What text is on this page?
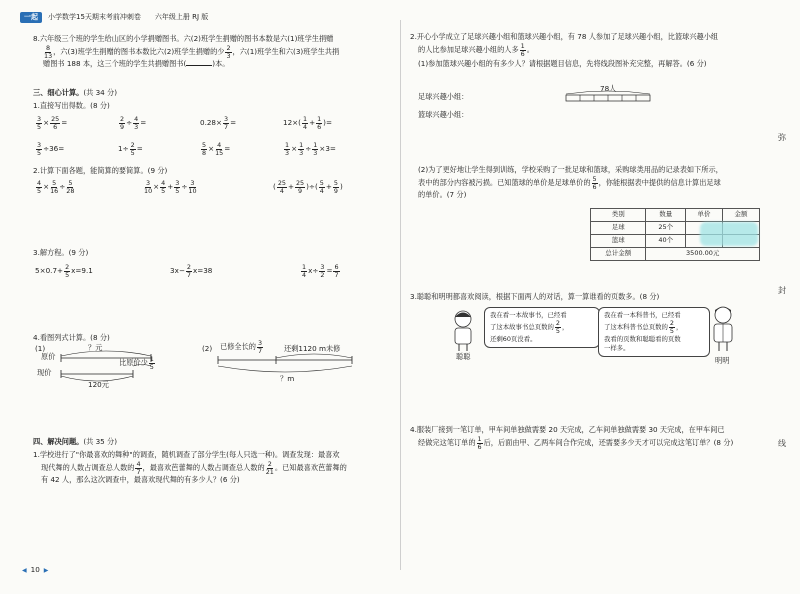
一起	小学数学15天期末考前冲刺卷 六年级上册 RJ 版
8.六年级三个班的学生给山区的小学捐赠图书。六(2)班学生捐赠的图书本数是六(1)班学生捐赠
$\frac{8}{13}$ ，六(3)班学生捐赠的图书本数比六(2)班学生捐赠的少 $\frac{2}{3}$ ，六(1)班学生和六(3)班学生共捐
赠图书 188 本，这三个班的学生共捐赠图书(	)本。
三、细心计算。(共 34 分)
1.直接写出得数。(8 分)
$\frac{3}{5} \times \frac{25}{6}$ =	$\frac{2}{9} \div \frac{4}{3}$ =	$0.28\times \frac{3}{7}$ =	$12\times( \frac{1}{4} + \frac{1}{6}$ )=
$\frac{3}{5} \div 36$ =	$1\div \frac{2}{5}$ =	$\frac{5}{8} \times \frac{4}{15}$ =	$\frac{1}{3} \times \frac{1}{3} \div \frac{1}{3} \times 3$ =
2.计算下面各题，能简算的要简算。(9 分)
$\frac{4}{5} \times \frac{5}{16} \div \frac{5}{28}$	$\frac{3}{10} \times \frac{4}{5} + \frac{3}{5} \div \frac{3}{10}$	( $\frac{25}{4} + \frac{25}{9}$ )÷( $\frac{5}{4} + \frac{5}{9}$ )
3.解方程。(9 分)
$5\times 0.7+ \frac{2}{5} x=9.1$	$3x- \frac{2}{7} x=38$	$\frac{1}{4} x\div \frac{3}{2} = \frac{6}{7}$
4.看图列式计算。(8 分)
(1)
原价
？元
现价
比原价少 $\frac{1}{5}$
120元
(2) 已修全长的 $\frac{3}{7}$	还剩1120 m未修
？m
四、解决问题。(共 35 分)
1.学校进行了"你最喜欢的舞种"的调查，随机调查了部分学生(每人只选一种)。调查发现：最喜欢
现代舞的人数占调查总人数的 $\frac{4}{7}$ ，最喜欢芭蕾舞的人数占调查总人数的 $\frac{2}{21}$ 。已知最喜欢芭蕾舞的
有 42 人，那么这次调查中，最喜欢现代舞的有多少人？(6 分)
◀ 10 ▶
2.开心小学成立了足球兴趣小组和篮球兴趣小组，有 78 人参加了足球兴趣小组，比篮球兴趣小组
的人比参加足球兴趣小组的人多 $\frac{1}{6}$ 。
(1)参加篮球兴趣小组的有多少人？请根据题目信息，先将线段图补充完整，再解答。(6 分)
足球兴趣小组：
篮球兴趣小组：
78人
(2)为了更好地让学生得到训练，学校采购了一批足球和篮球，采购球类用品的记录表如下所示，
表中的部分内容被污损。已知篮球的单价是足球单价的 $\frac{5}{6}$ ，你能根据表中提供的信息计算出足球
的单价。(7 分)
类别	数量	单价	金额
足球	25个		
篮球	40个		
总计金额	3500.00元		
3.聪聪和明明都喜欢阅读，根据下面两人的对话，算一算谁看的页数多。(8 分)
聪聪
我在看一本故事书，已经看
了这本故事书总页数的 $\frac{2}{5}$ ，
还剩60页没看。
我在看一本科普书，已经看
了这本科普书总页数的 $\frac{2}{5}$ ，
我看的页数和聪聪看的页数
一样多。
明明
4.服装厂接到一笔订单，甲车间单独做需要 20 天完成，乙车间单独做需要 30 天完成，在甲车间已
经做完这笔订单的 $\frac{1}{6}$ 后，后面由甲、乙两车间合作完成，还需要多少天才可以完成这笔订单？(8 分)
弥
封
线
